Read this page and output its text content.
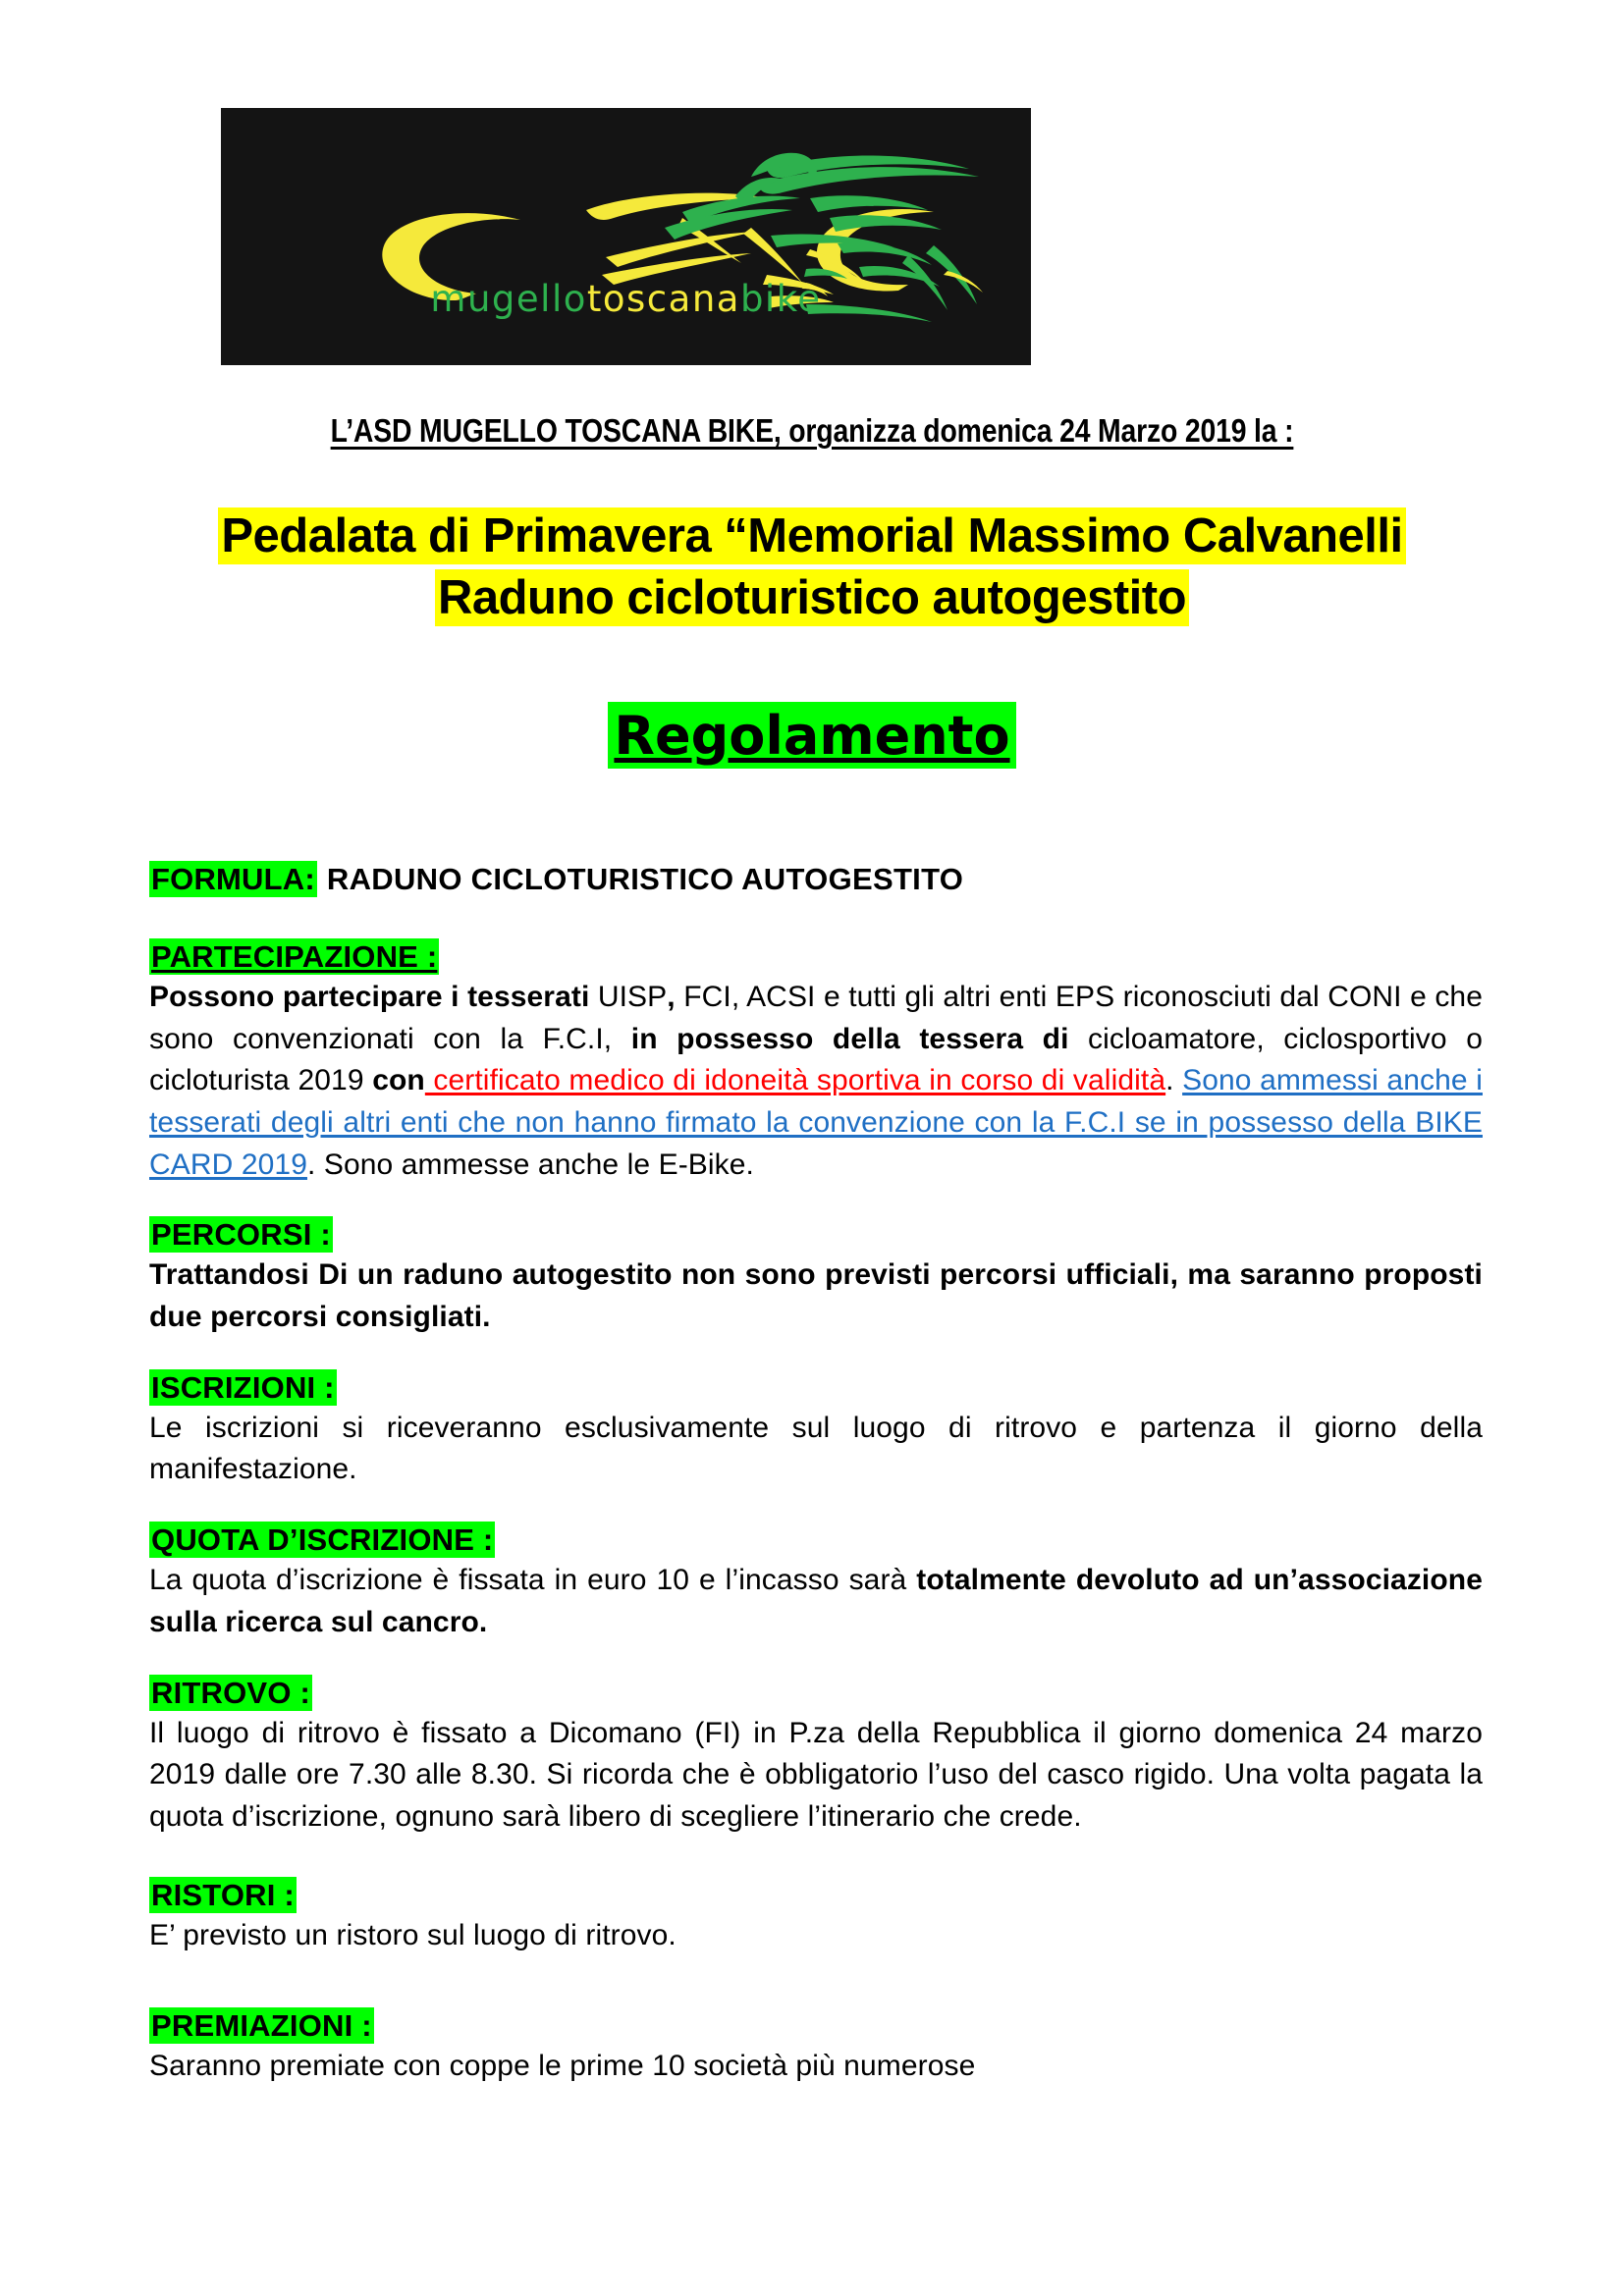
mugellotoscanabike
L’ASD MUGELLO TOSCANA BIKE, organizza domenica 24 Marzo 2019 la :
Pedalata di Primavera “Memorial Massimo Calvanelli
Raduno cicloturistico autogestito
Regolamento
FORMULA: RADUNO CICLOTURISTICO AUTOGESTITO
PARTECIPAZIONE :

Possono partecipare i tesserati UISP, FCI, ACSI e tutti gli altri enti EPS riconosciuti dal CONI e che sono convenzionati con la F.C.I, in possesso della tessera di cicloamatore, ciclosportivo o cicloturista 2019 con certificato medico di idoneità sportiva in corso di validità. Sono ammessi anche i tesserati degli altri enti che non hanno firmato la convenzione con la F.C.I se in possesso della BIKE CARD 2019. Sono ammesse anche le E-Bike.

PERCORSI :

Trattandosi Di un raduno autogestito non sono previsti percorsi ufficiali, ma saranno proposti due percorsi consigliati.

ISCRIZIONI :

Le iscrizioni si riceveranno esclusivamente sul luogo di ritrovo e partenza il giorno della manifestazione.

QUOTA D’ISCRIZIONE :

La quota d’iscrizione è fissata in euro 10 e l’incasso sarà totalmente devoluto ad un’associazione sulla ricerca sul cancro.

RITROVO :

Il luogo di ritrovo è fissato a Dicomano (FI) in P.za della Repubblica il giorno domenica 24 marzo 2019 dalle ore 7.30 alle 8.30. Si ricorda che è obbligatorio l’uso del casco rigido. Una volta pagata la quota d’iscrizione, ognuno sarà libero di scegliere l’itinerario che crede.

RISTORI :

E’ previsto un ristoro sul luogo di ritrovo.

PREMIAZIONI :

Saranno premiate con coppe le prime 10 società più numerose
